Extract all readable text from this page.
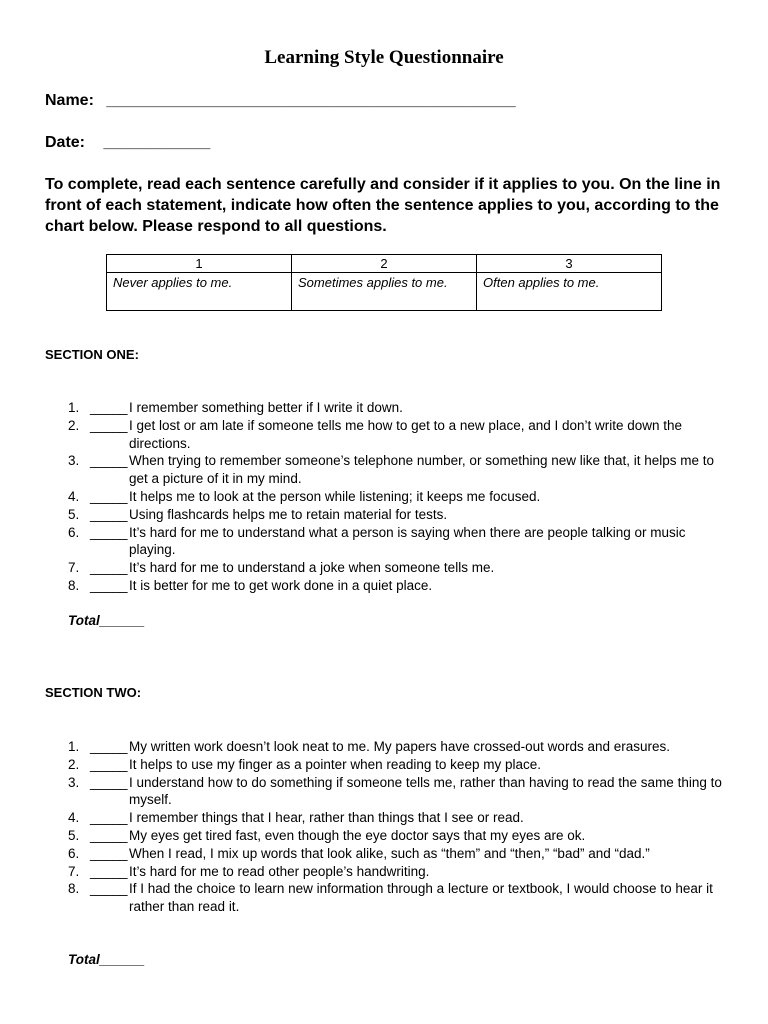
Learning Style Questionnaire
Name: ______________________________________________
Date: ____________
To complete, read each sentence carefully and consider if it applies to you. On the line in front of each statement, indicate how often the sentence applies to you, according to the chart below. Please respond to all questions.
1	2	3
Never applies to me.	Sometimes applies to me.	Often applies to me.
SECTION ONE:
1. _____ I remember something better if I write it down.
2. _____ I get lost or am late if someone tells me how to get to a new place, and I don’t write down the directions.
3. _____ When trying to remember someone’s telephone number, or something new like that, it helps me to get a picture of it in my mind.
4. _____ It helps me to look at the person while listening; it keeps me focused.
5. _____ Using flashcards helps me to retain material for tests.
6. _____ It’s hard for me to understand what a person is saying when there are people talking or music playing.
7. _____ It’s hard for me to understand a joke when someone tells me.
8. _____ It is better for me to get work done in a quiet place.
Total______
SECTION TWO:
1. _____ My written work doesn’t look neat to me. My papers have crossed-out words and erasures.
2. _____ It helps to use my finger as a pointer when reading to keep my place.
3. _____ I understand how to do something if someone tells me, rather than having to read the same thing to myself.
4. _____ I remember things that I hear, rather than things that I see or read.
5. _____ My eyes get tired fast, even though the eye doctor says that my eyes are ok.
6. _____ When I read, I mix up words that look alike, such as “them” and “then,” “bad” and “dad.”
7. _____ It’s hard for me to read other people’s handwriting.
8. _____ If I had the choice to learn new information through a lecture or textbook, I would choose to hear it rather than read it.
Total______
